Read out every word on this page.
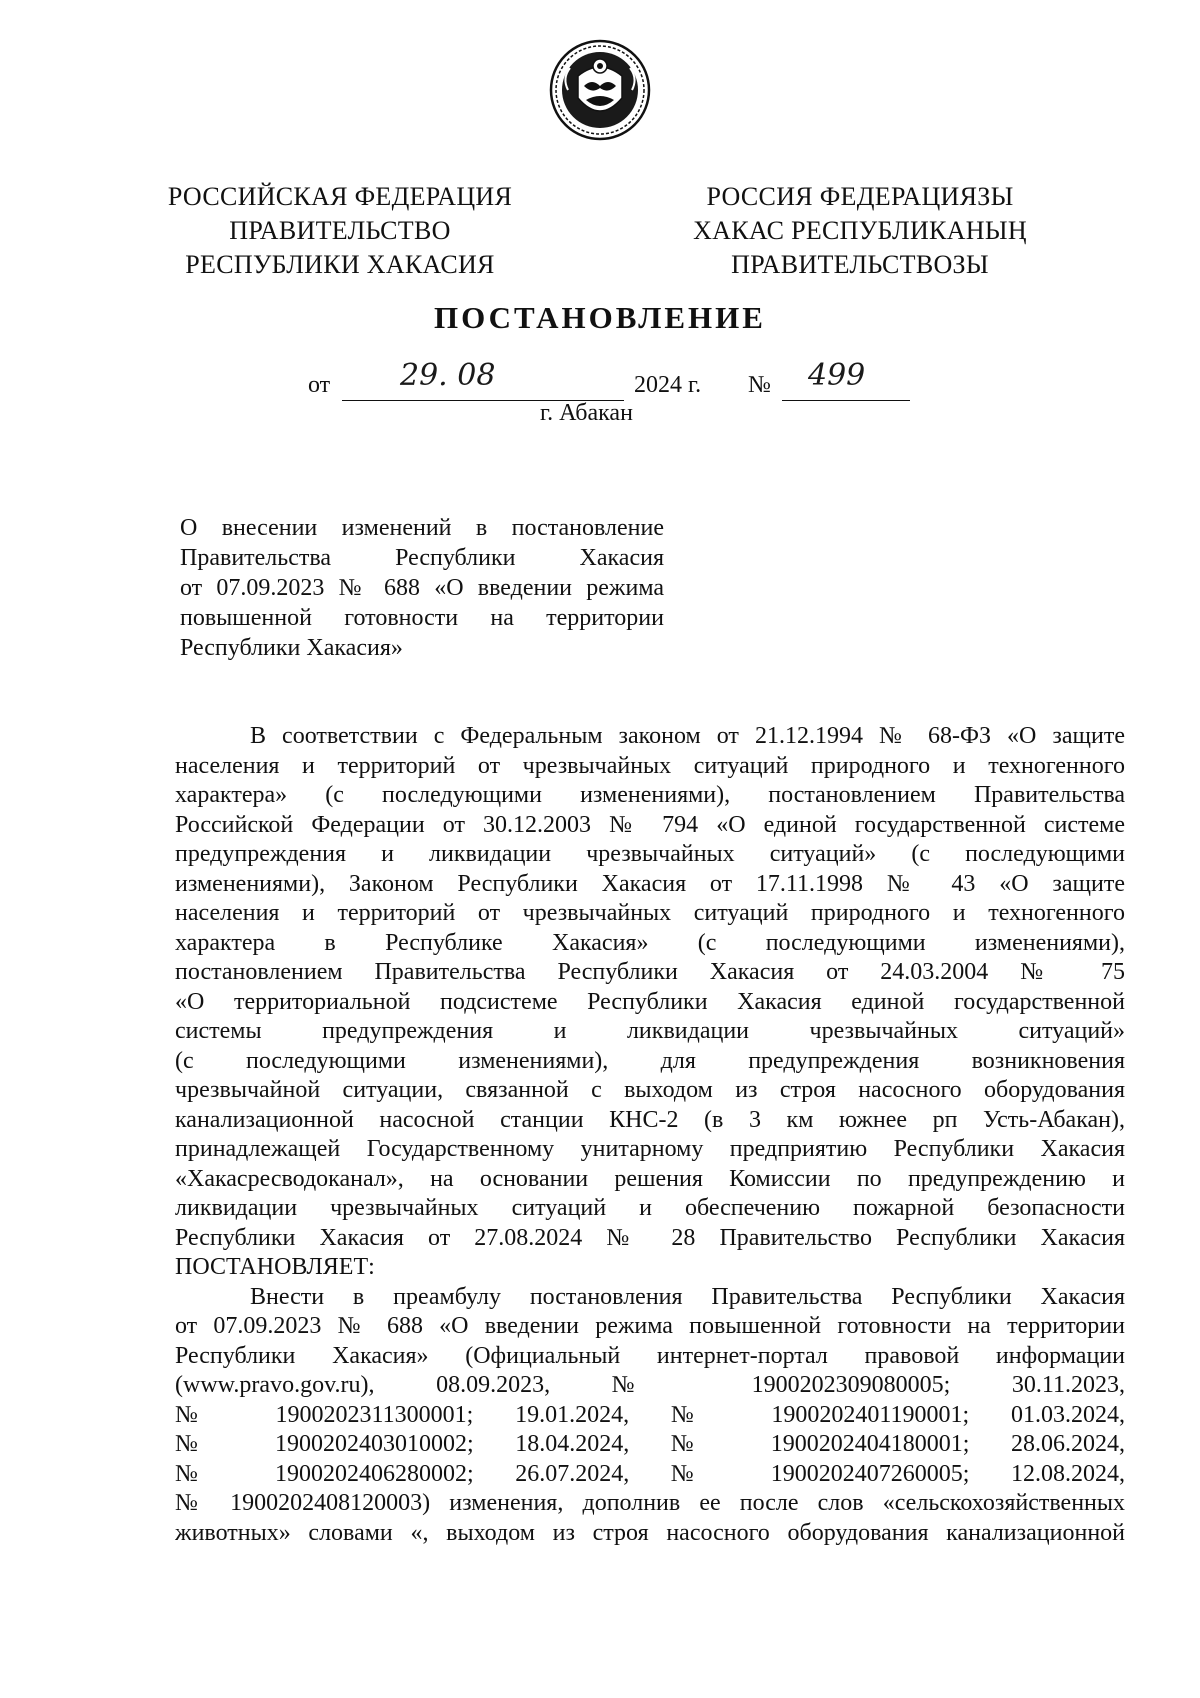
РОССИЙСКАЯ ФЕДЕРАЦИЯ
ПРАВИТЕЛЬСТВО
РЕСПУБЛИКИ ХАКАСИЯ
РОССИЯ ФЕДЕРАЦИЯЗЫ
ХАКАС РЕСПУБЛИКАНЫҢ
ПРАВИТЕЛЬСТВОЗЫ
ПОСТАНОВЛЕНИЕ
от 29. 08	2024 г. № 499
г. Абакан
О внесении изменений в постановление
Правительства Республики Хакасия
от 07.09.2023 № 688 «О введении режима
повышенной готовности на территории
Республики Хакасия»
В соответствии с Федеральным законом от 21.12.1994 № 68-ФЗ «О защите
населения и территорий от чрезвычайных ситуаций природного и техногенного
характера» (с последующими изменениями), постановлением Правительства
Российской Федерации от 30.12.2003 № 794 «О единой государственной системе
предупреждения и ликвидации чрезвычайных ситуаций» (с последующими
изменениями), Законом Республики Хакасия от 17.11.1998 № 43 «О защите
населения и территорий от чрезвычайных ситуаций природного и техногенного
характера в Республике Хакасия» (с последующими изменениями),
постановлением Правительства Республики Хакасия от 24.03.2004 № 75
«О территориальной подсистеме Республики Хакасия единой государственной
системы предупреждения и ликвидации чрезвычайных ситуаций»
(с последующими изменениями), для предупреждения возникновения
чрезвычайной ситуации, связанной с выходом из строя насосного оборудования
канализационной насосной станции КНС-2 (в 3 км южнее рп Усть-Абакан),
принадлежащей Государственному унитарному предприятию Республики Хакасия
«Хакасресводоканал», на основании решения Комиссии по предупреждению и
ликвидации чрезвычайных ситуаций и обеспечению пожарной безопасности
Республики Хакасия от 27.08.2024 № 28 Правительство Республики Хакасия
ПОСТАНОВЛЯЕТ:
Внести в преамбулу постановления Правительства Республики Хакасия
от 07.09.2023 № 688 «О введении режима повышенной готовности на территории
Республики Хакасия» (Официальный интернет-портал правовой информации
(www.pravo.gov.ru), 08.09.2023, № 1900202309080005; 30.11.2023,
№ 1900202311300001; 19.01.2024, № 1900202401190001; 01.03.2024,
№ 1900202403010002; 18.04.2024, № 1900202404180001; 28.06.2024,
№ 1900202406280002; 26.07.2024, № 1900202407260005; 12.08.2024,
№ 1900202408120003) изменения, дополнив ее после слов «сельскохозяйственных
животных» словами «, выходом из строя насосного оборудования канализационной
